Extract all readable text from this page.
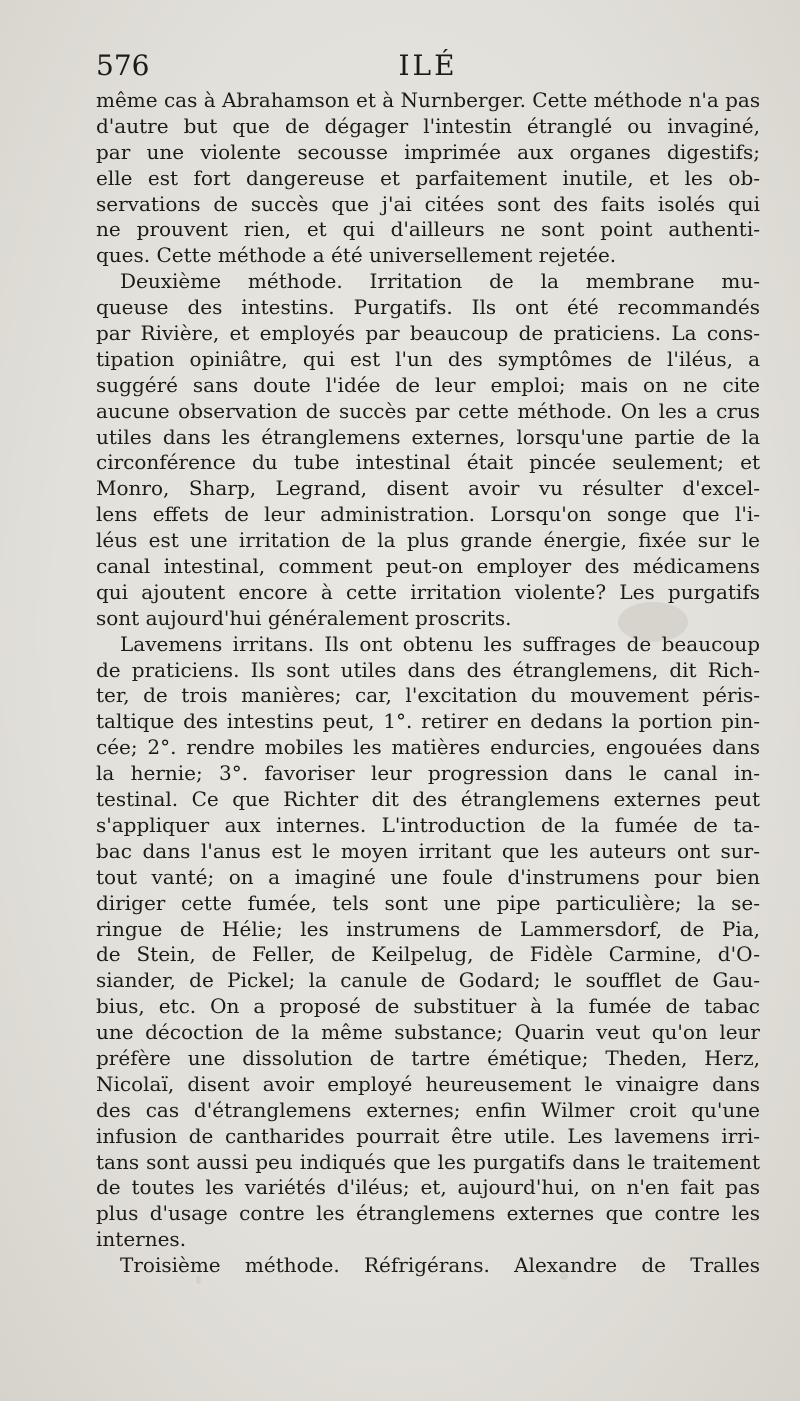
576	ILÉ
même cas à Abrahamson et à Nurnberger. Cette méthode n'a pas
d'autre but que de dégager l'intestin étranglé ou invaginé,
par une violente secousse imprimée aux organes digestifs;
elle est fort dangereuse et parfaitement inutile, et les ob-
servations de succès que j'ai citées sont des faits isolés qui
ne prouvent rien, et qui d'ailleurs ne sont point authenti-
ques. Cette méthode a été universellement rejetée.
Deuxième méthode. Irritation de la membrane mu-
queuse des intestins. Purgatifs. Ils ont été recommandés
par Rivière, et employés par beaucoup de praticiens. La cons-
tipation opiniâtre, qui est l'un des symptômes de l'iléus, a
suggéré sans doute l'idée de leur emploi; mais on ne cite
aucune observation de succès par cette méthode. On les a crus
utiles dans les étranglemens externes, lorsqu'une partie de la
circonférence du tube intestinal était pincée seulement; et
Monro, Sharp, Legrand, disent avoir vu résulter d'excel-
lens effets de leur administration. Lorsqu'on songe que l'i-
léus est une irritation de la plus grande énergie, fixée sur le
canal intestinal, comment peut-on employer des médicamens
qui ajoutent encore à cette irritation violente? Les purgatifs
sont aujourd'hui généralement proscrits.
Lavemens irritans. Ils ont obtenu les suffrages de beaucoup
de praticiens. Ils sont utiles dans des étranglemens, dit Rich-
ter, de trois manières; car, l'excitation du mouvement péris-
taltique des intestins peut, 1°. retirer en dedans la portion pin-
cée; 2°. rendre mobiles les matières endurcies, engouées dans
la hernie; 3°. favoriser leur progression dans le canal in-
testinal. Ce que Richter dit des étranglemens externes peut
s'appliquer aux internes. L'introduction de la fumée de ta-
bac dans l'anus est le moyen irritant que les auteurs ont sur-
tout vanté; on a imaginé une foule d'instrumens pour bien
diriger cette fumée, tels sont une pipe particulière; la se-
ringue de Hélie; les instrumens de Lammersdorf, de Pia,
de Stein, de Feller, de Keilpelug, de Fidèle Carmine, d'O-
siander, de Pickel; la canule de Godard; le soufflet de Gau-
bius, etc. On a proposé de substituer à la fumée de tabac
une décoction de la même substance; Quarin veut qu'on leur
préfère une dissolution de tartre émétique; Theden, Herz,
Nicolaï, disent avoir employé heureusement le vinaigre dans
des cas d'étranglemens externes; enfin Wilmer croit qu'une
infusion de cantharides pourrait être utile. Les lavemens irri-
tans sont aussi peu indiqués que les purgatifs dans le traitement
de toutes les variétés d'iléus; et, aujourd'hui, on n'en fait pas
plus d'usage contre les étranglemens externes que contre les
internes.
Troisième méthode. Réfrigérans. Alexandre de Tralles
